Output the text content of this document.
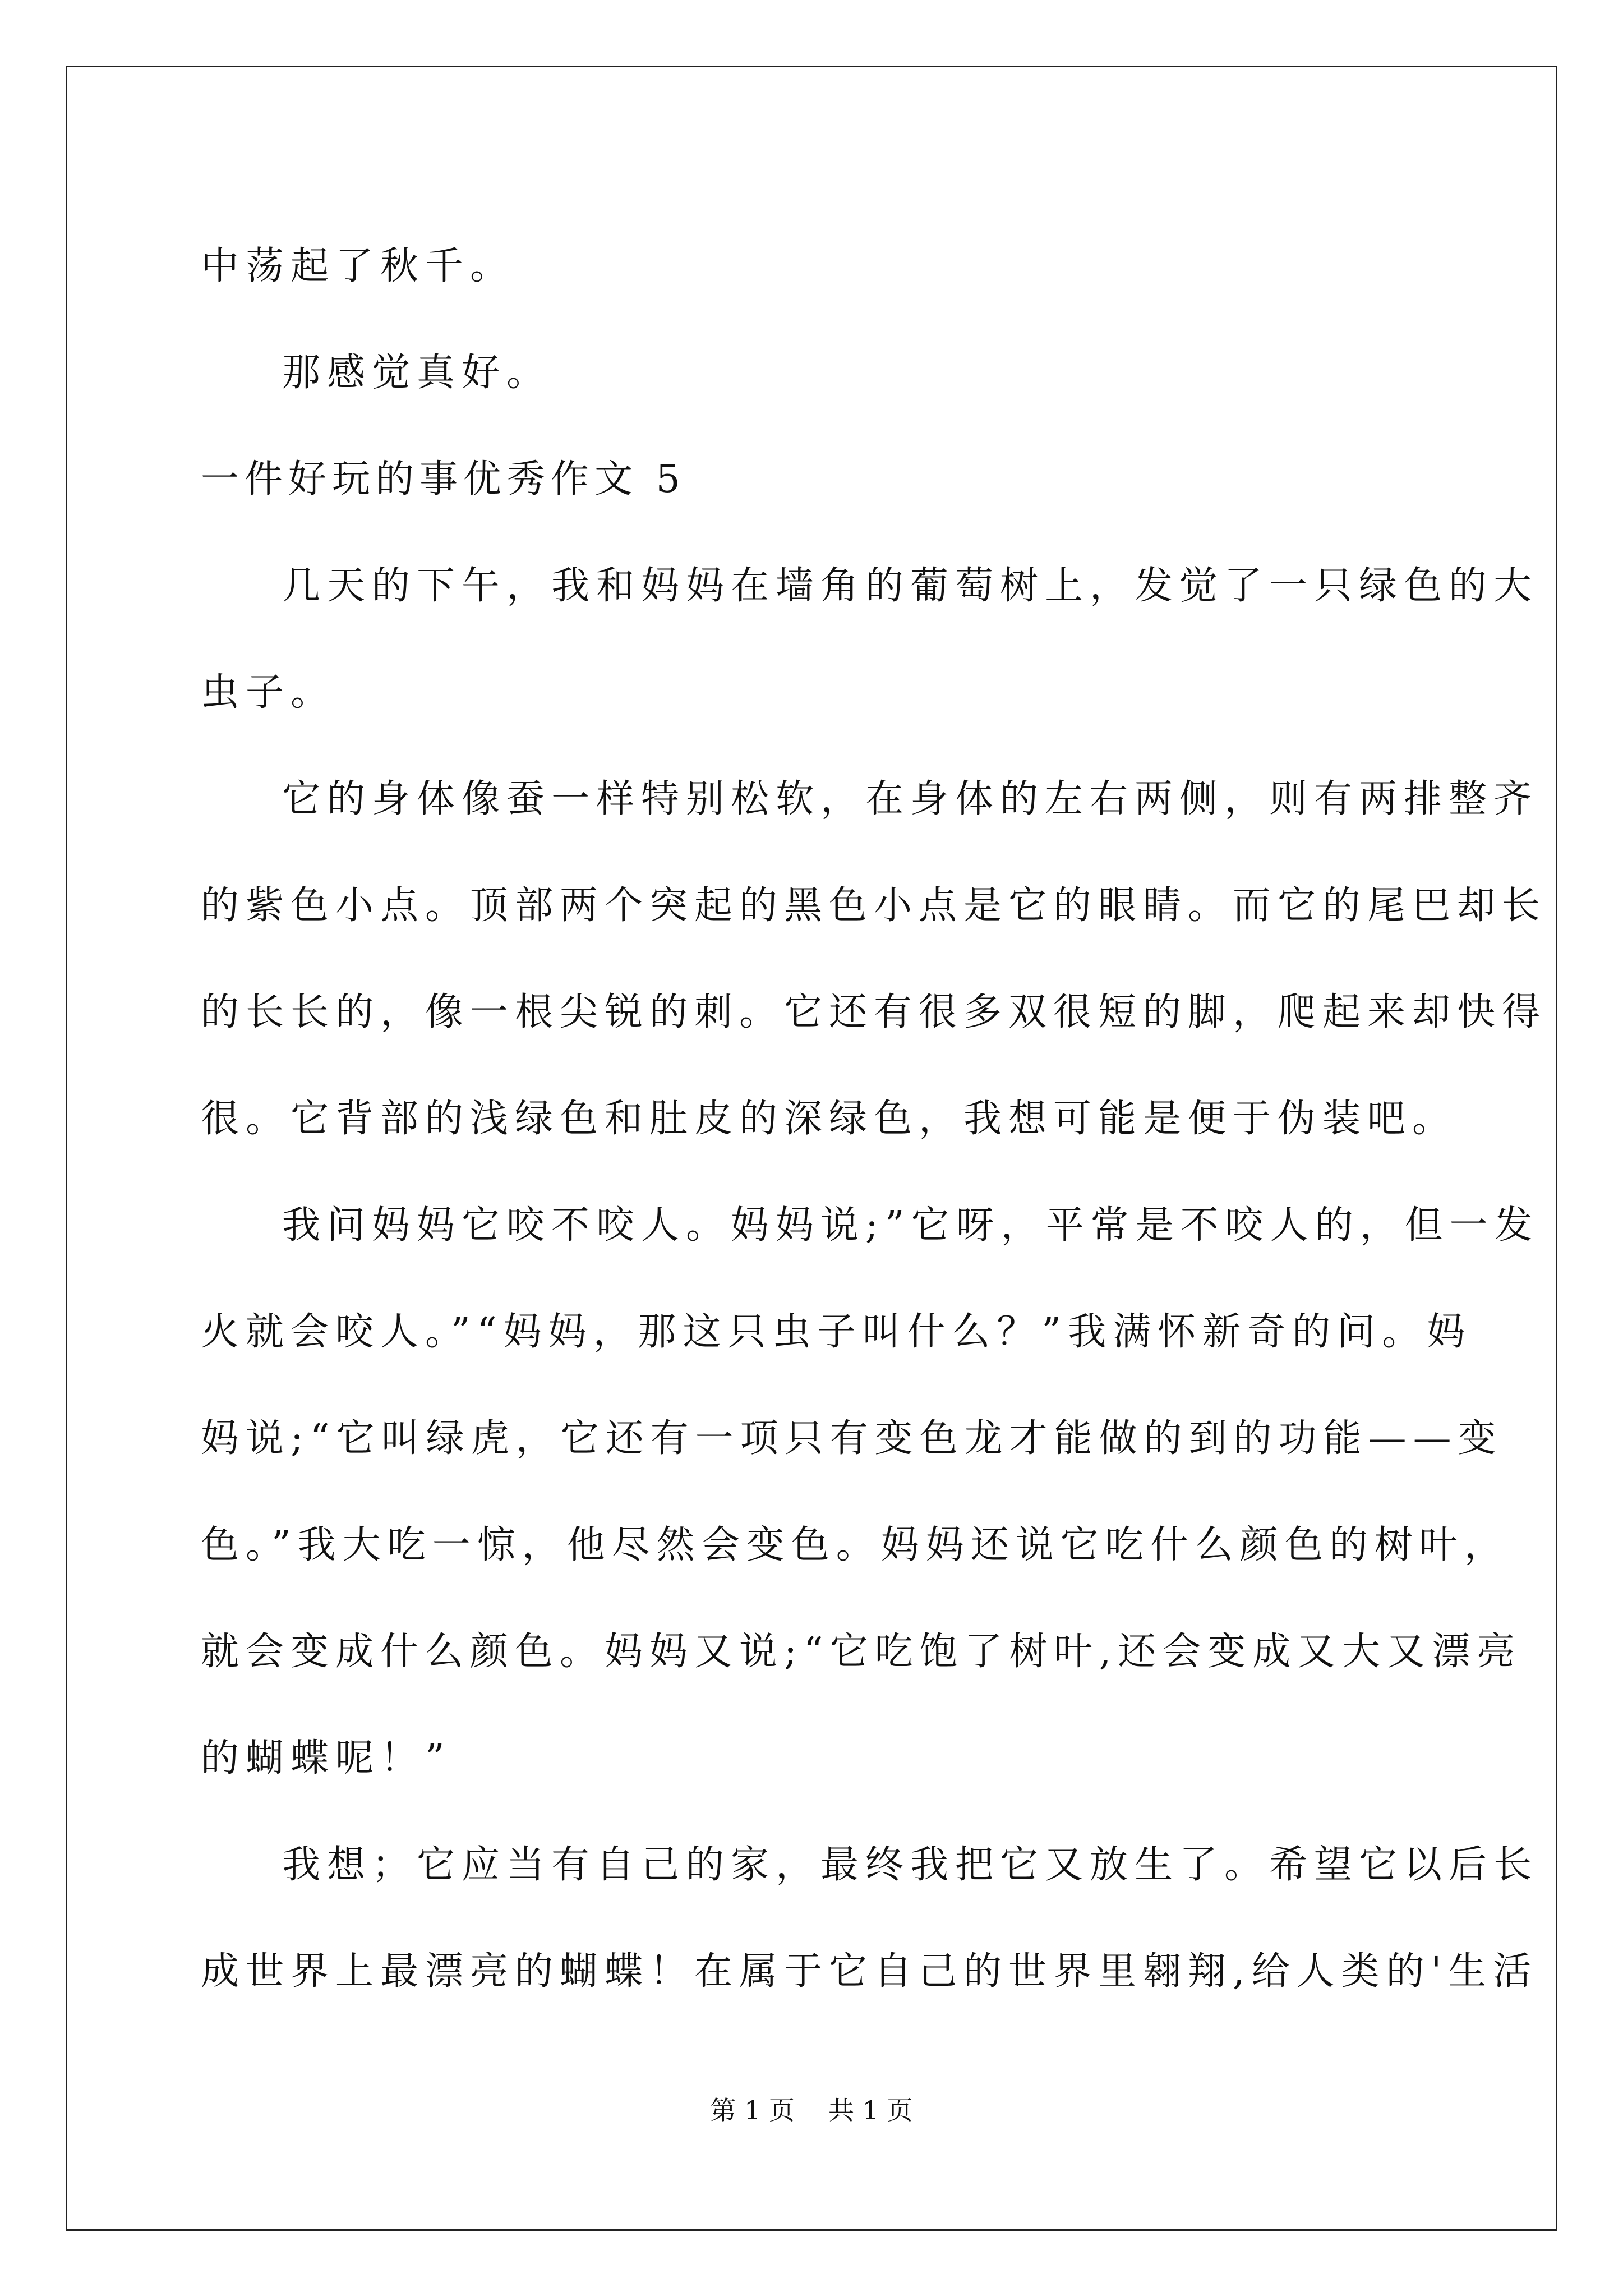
中荡起了秋千。
那感觉真好。
一件好玩的事优秀作文 5
几天的下午，我和妈妈在墙角的葡萄树上，发觉了一只绿色的大
虫子。
它的身体像蚕一样特别松软，在身体的左右两侧，则有两排整齐
的紫色小点。顶部两个突起的黑色小点是它的眼睛。而它的尾巴却长
的长长的，像一根尖锐的刺。它还有很多双很短的脚，爬起来却快得
很。它背部的浅绿色和肚皮的深绿色，我想可能是便于伪装吧。
我问妈妈它咬不咬人。妈妈说;”它呀，平常是不咬人的，但一发
火就会咬人。”“妈妈，那这只虫子叫什么？”我满怀新奇的问。妈
妈说;“它叫绿虎，它还有一项只有变色龙才能做的到的功能——变
色。”我大吃一惊，他尽然会变色。妈妈还说它吃什么颜色的树叶，
就会变成什么颜色。妈妈又说;“它吃饱了树叶,还会变成又大又漂亮
的蝴蝶呢！”
我想；它应当有自己的家，最终我把它又放生了。希望它以后长
成世界上最漂亮的蝴蝶！在属于它自己的世界里翱翔,给人类的'生活
第 1 页 共 1 页
